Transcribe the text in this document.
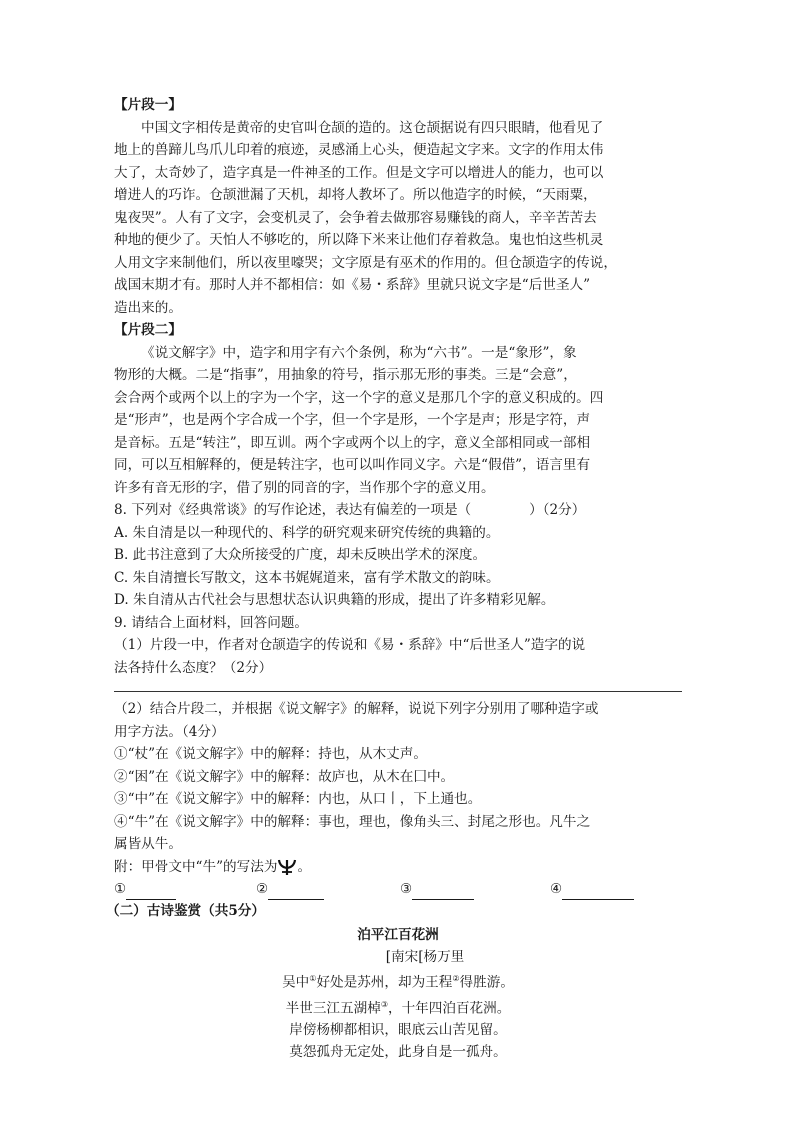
【片段一】
中国文字相传是黄帝的史官叫仓颉的造的。这仓颉据说有四只眼睛，他看见了
地上的兽蹄儿鸟爪儿印着的痕迹，灵感涌上心头，便造起文字来。文字的作用太伟
大了，太奇妙了，造字真是一件神圣的工作。但是文字可以增进人的能力，也可以
增进人的巧诈。仓颉泄漏了天机，却将人教坏了。所以他造字的时候，“天雨粟，
鬼夜哭”。人有了文字，会变机灵了，会争着去做那容易赚钱的商人，辛辛苦苦去
种地的便少了。天怕人不够吃的，所以降下米来让他们存着救急。鬼也怕这些机灵
人用文字来制他们，所以夜里嚎哭；文字原是有巫术的作用的。但仓颉造字的传说，
战国末期才有。那时人并不都相信：如《易・系辞》里就只说文字是“后世圣人”
造出来的。
【片段二】
《说文解字》中，造字和用字有六个条例，称为“六书”。一是“象形”，象
物形的大概。二是“指事”，用抽象的符号，指示那无形的事类。三是“会意”，
会合两个或两个以上的字为一个字，这一个字的意义是那几个字的意义积成的。四
是“形声”，也是两个字合成一个字，但一个字是形，一个字是声；形是字符，声
是音标。五是“转注”，即互训。两个字或两个以上的字，意义全部相同或一部相
同，可以互相解释的，便是转注字，也可以叫作同义字。六是“假借”，语言里有
许多有音无形的字，借了别的同音的字，当作那个字的意义用。
8. 下列对《经典常谈》的写作论述，表达有偏差的一项是（	）（2分）
A. 朱自清是以一种现代的、科学的研究观来研究传统的典籍的。
B. 此书注意到了大众所接受的广度，却未反映出学术的深度。
C. 朱自清擅长写散文，这本书娓娓道来，富有学术散文的韵味。
D. 朱自清从古代社会与思想状态认识典籍的形成，提出了许多精彩见解。
9. 请结合上面材料，回答问题。
（1）片段一中，作者对仓颉造字的传说和《易・系辞》中“后世圣人”造字的说
法各持什么态度？（2分）
（2）结合片段二，并根据《说文解字》的解释，说说下列字分别用了哪种造字或
用字方法。（4分）
①“杖”在《说文解字》中的解释：持也，从木丈声。
②“困”在《说文解字》中的解释：故庐也，从木在囗中。
③“中”在《说文解字》中的解释：内也，从口丨，下上通也。
④“牛”在《说文解字》中的解释：事也，理也，像角头三、封尾之形也。凡牛之
属皆从牛。
附：甲骨文中“牛”的写法为 。
①	②	③	④
（二）古诗鉴赏（共5分）
泊平江百花洲
[南宋[杨万里
吴中①好处是苏州，却为王程②得胜游。
半世三江五湖棹③，十年四泊百花洲。
岸傍杨柳都相识，眼底云山苦见留。
莫怨孤舟无定处，此身自是一孤舟。
